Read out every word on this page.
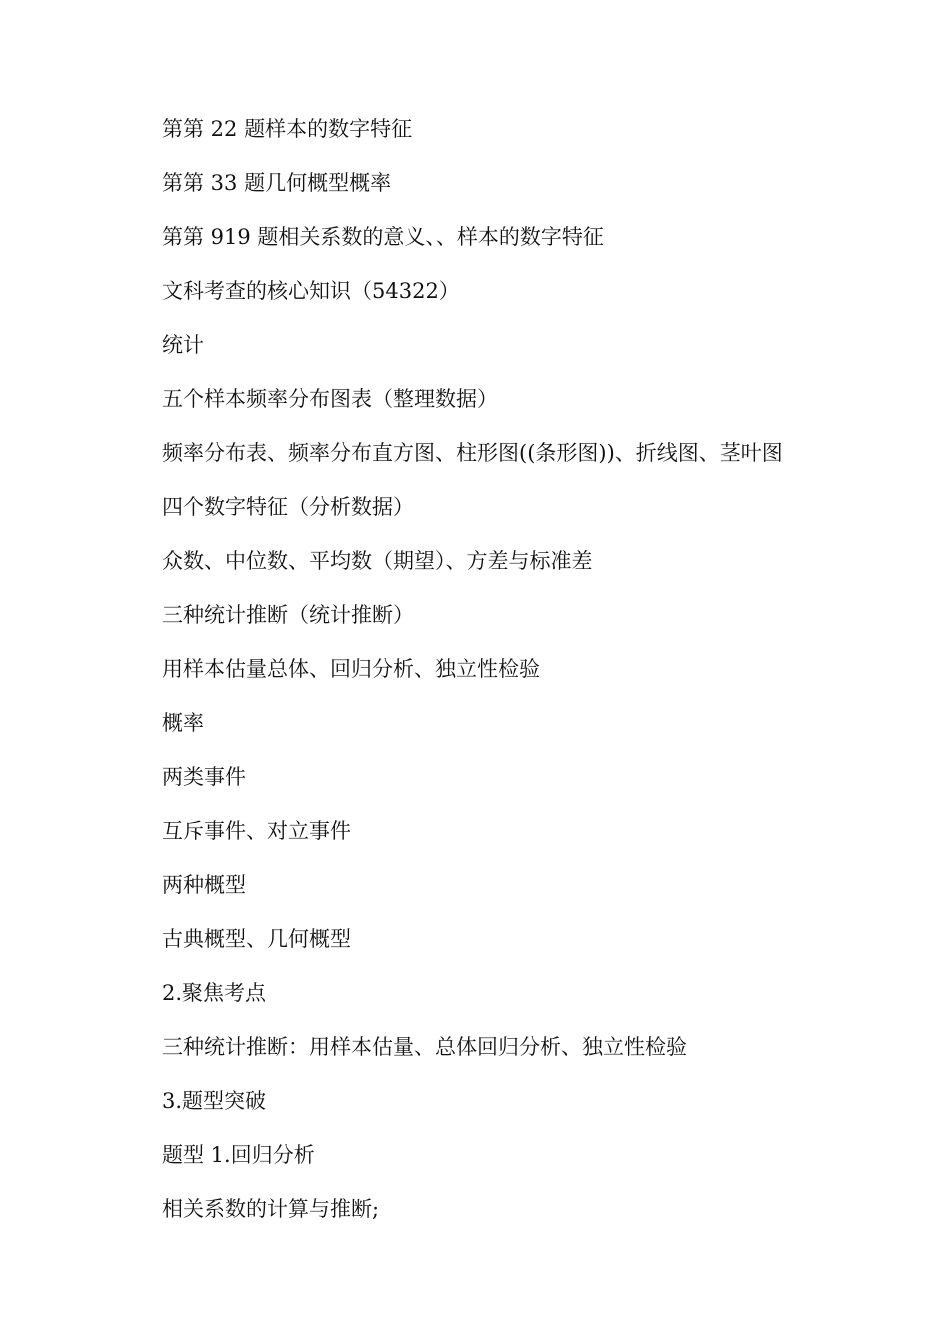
第第 22 题样本的数字特征
第第 33 题几何概型概率
第第 919 题相关系数的意义、、样本的数字特征
文科考查的核心知识（54322）
统计
五个样本频率分布图表（整理数据）
频率分布表、频率分布直方图、柱形图((条形图))、折线图、茎叶图
四个数字特征（分析数据）
众数、中位数、平均数（期望）、方差与标准差
三种统计推断（统计推断）
用样本估量总体、回归分析、独立性检验
概率
两类事件
互斥事件、对立事件
两种概型
古典概型、几何概型
2.聚焦考点
三种统计推断：用样本估量、总体回归分析、独立性检验
3.题型突破
题型 1.回归分析
相关系数的计算与推断;
